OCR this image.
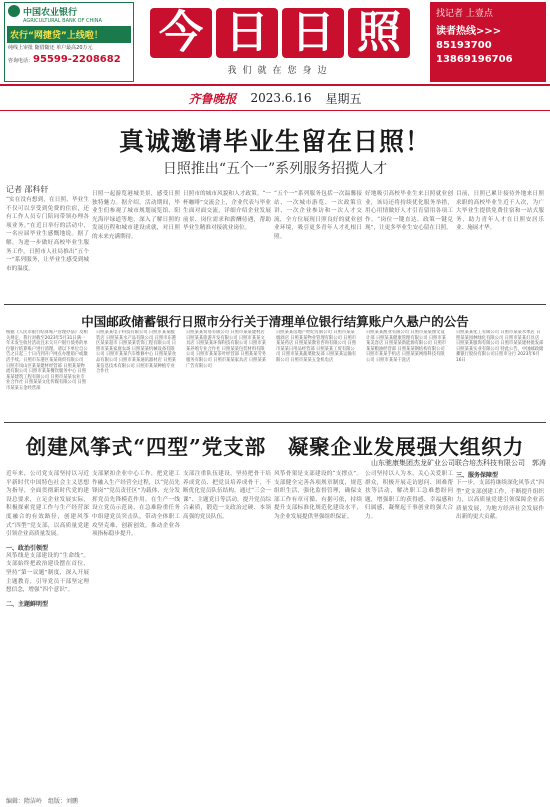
中国农业银行
AGRICULTURAL BANK OF CHINA
农行“网捷贷”上线啦！
纯线上审批 随借随还 单户最高20万元
咨询电话：95599-2208682
今 日 日 照
我们就在您身边
找记者 上壹点
读者热线>>>
85193700
13869196706
齐鲁晚报 2023.6.16 星期五
真诚邀请毕业生留在日照！
日照推出“五个一”系列服务招揽人才
记者 邵科轩
“实在没有想到，在日照，毕业生不仅可以享受到免费的住宿，还有工作人员专门陪同带领办理各项业务。”在近日举行的活动中，一名应届毕业生感慨地说。据了解，为进一步做好高校毕业生服务工作，日照市人社局推出“五个一”系列服务，让毕业生感受到城市的温度。
日照一起游览港城美景，感受日照独特魅力。据介绍，活动期间，毕业生们参观了城市规划展览馆、阳光海岸绿道等地，深入了解日照的发展历程和城市建设成就，对日照的未来充满期待。
日照市的城市风貌和人才政策。“一杯咖啡”交流会上，企业代表与毕业生面对面交流，详细介绍企业发展前景、岗位需求和薪酬待遇，帮助毕业生精准对接就业岗位。
“五个一”系列服务包括一次温馨接站、一次城市游览、一次政策宣讲、一次企业参访和一次人才交流，全方位展现日照良好的就业创业环境，吸引更多青年人才扎根日照。
好地吸引高校毕业生来日照就业创业，该局还将持续优化服务举措，用心用情做好人才引育留用各项工作。“岗位一键直达，政策一键兑现”，让更多毕业生安心留在日照。
目前，日照已累计接待外地来日照求职的高校毕业生近千人次，为广大毕业生提供免费住宿和一站式服务，助力青年人才在日照安居乐业、施展才华。
中国邮政储蓄银行日照市分行关于清理单位银行结算账户久悬户的公告
根据《人民币银行结算账户管理办法》及相关规定，我行对截至2023年5月31日满一年未发生收付活动且未欠开户银行债务的单位银行结算账户进行清理。请以下单位自公告之日起三十日内到开户网点办理销户或激活手续。日照市东港区某某商贸有限公司 日照市岚山区某某建材经营部 日照某某物流有限公司 日照市某某餐饮服务中心 日照某某建筑工程有限公司 日照市某某农业专业合作社 日照某某文化传媒有限公司 日照市某某五金经营部
日照某某电子科技有限公司 日照市某某服装店 日照某某水产品有限公司 日照市东港区某某超市 日照某某装饰工程有限公司 日照市某某家庭农场 日照某某机械设备有限公司 日照市某某汽车维修中心 日照某某食品有限公司 日照市某某通讯器材店 日照某某信息技术有限公司 日照市某某种植专业合作社
日照某某贸易有限公司 日照市某某建材店 日照某某旅游开发有限公司 日照市某某文具店 日照某某环保科技有限公司 日照市某某养殖专业合作社 日照某某包装材料有限公司 日照市某某茶叶经营部 日照某某劳务服务有限公司 日照市某某家具店 日照某某广告有限公司
日照某某房地产经纪有限公司 日照市某某烟酒店 日照某某物业管理有限公司 日照市某某药店 日照某某教育咨询有限公司 日照市某某日用品经营部 日照某某工贸有限公司 日照市某某蔬菜批发部 日照某某运输有限公司 日照市某某五金机电店
日照某某渔业有限公司 日照市某某图文设计部 日照某某健康管理有限公司 日照市某某美容店 日照某某新能源有限公司 日照市某某粮油经营部 日照某某钢结构有限公司 日照市某某手机店 日照某某网络科技有限公司 日照市某某干洗店
日照某某化工有限公司 日照市某某水果店 日照某某园林绿化有限公司 日照市某某灯具店 日照某某服饰有限公司 日照市某某建材批发部 日照某某实业有限公司 特此公告。中国邮政储蓄银行股份有限公司日照市分行 2023年6月16日
创建风筝式“四型”党支部　凝聚企业发展强大组织力
山东驰康集团杰龙矿业公司联合培杰科技有限公司　郭涛
近年来，公司党支部坚持以习近平新时代中国特色社会主义思想为指导，全面贯彻新时代党的建设总要求，立足企业发展实际，积极探索党建工作与生产经营深度融合的有效路径，创建风筝式“四型”党支部，以高质量党建引领企业高质量发展。
一、政治引领型
风筝线是支部建设的“生命线”。支部始终把政治建设摆在首位，坚持“第一议题”制度，深入开展主题教育，引导党员干部坚定理想信念，增强“四个意识”。
二、主题鲜明型
支部紧扣企业中心工作，把党建工作融入生产经营全过程，以“党员先锋岗”“党员责任区”为载体，充分发挥党员先锋模范作用。在生产一线设立党员示范岗，在急难险重任务中组建党员突击队，带动全体职工攻坚克难、创新创效，推动企业各项指标稳步提升。
支部注重队伍建设，坚持把骨干培养成党员、把党员培养成骨干，不断优化党员队伍结构。通过“三会一课”、主题党日等活动，提升党员综合素质，锻造一支政治过硬、本领高强的党员队伍。
风筝骨架是支部建设的“支撑点”。支部健全完善各项规章制度，规范组织生活，强化监督管理，确保支部工作有章可循、有据可依，持续提升支部标准化规范化建设水平，为企业发展提供坚强组织保证。
公司坚持以人为本，关心关爱职工群众，积极开展走访慰问、困难帮扶等活动，解决职工急难愁盼问题，增强职工的获得感、幸福感和归属感，凝聚起干事创业的强大合力。
三、服务保障型
下一步，支部将继续深化风筝式“四型”党支部创建工作，不断提升组织力，以高质量党建引领保障企业高质量发展，为地方经济社会发展作出新的更大贡献。
编辑：隋洁岭　组版：刘鹏
